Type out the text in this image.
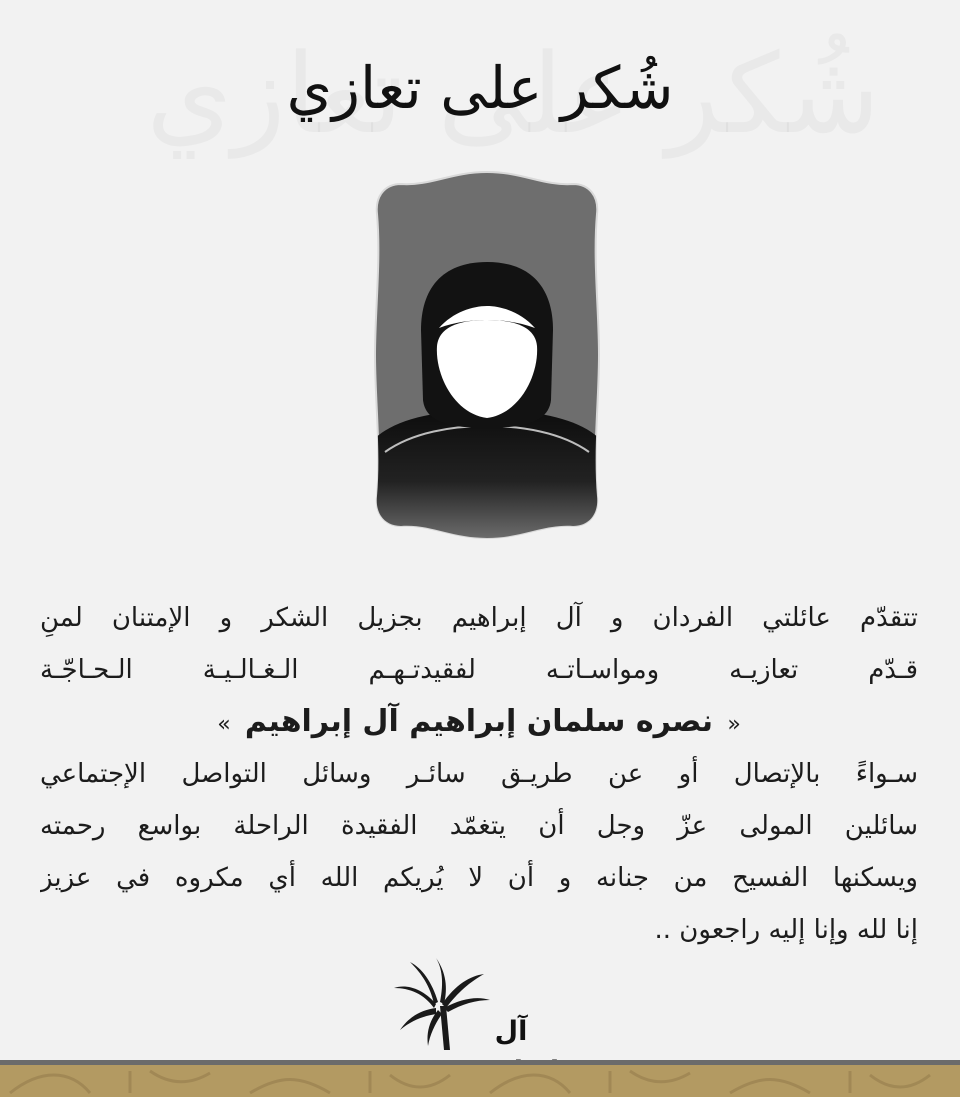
شُكر على تعازي
تتقدّم عائلتي الفردان و آل إبراهيم بجزيل الشكر و الإمتنان لمنِ
قـدّم تعازيـه ومواسـاتـه لفقيدتـهـم الـغـالـيـة الـحـاجّـة
« نصره سلمان إبراهيم آل إبراهيم »
سـواءً بالإتصال أو عن طريـق سائـر وسائل التواصل الإجتماعي
سائلين المولى عزّ وجل أن يتغمّد الفقيدة الراحلة بواسع رحمته
ويسكنها الفسيح من جنانه و أن لا يُريكم الله أي مكروه في عزيز
إنا لله وإنا إليه راجعون ..
آل
